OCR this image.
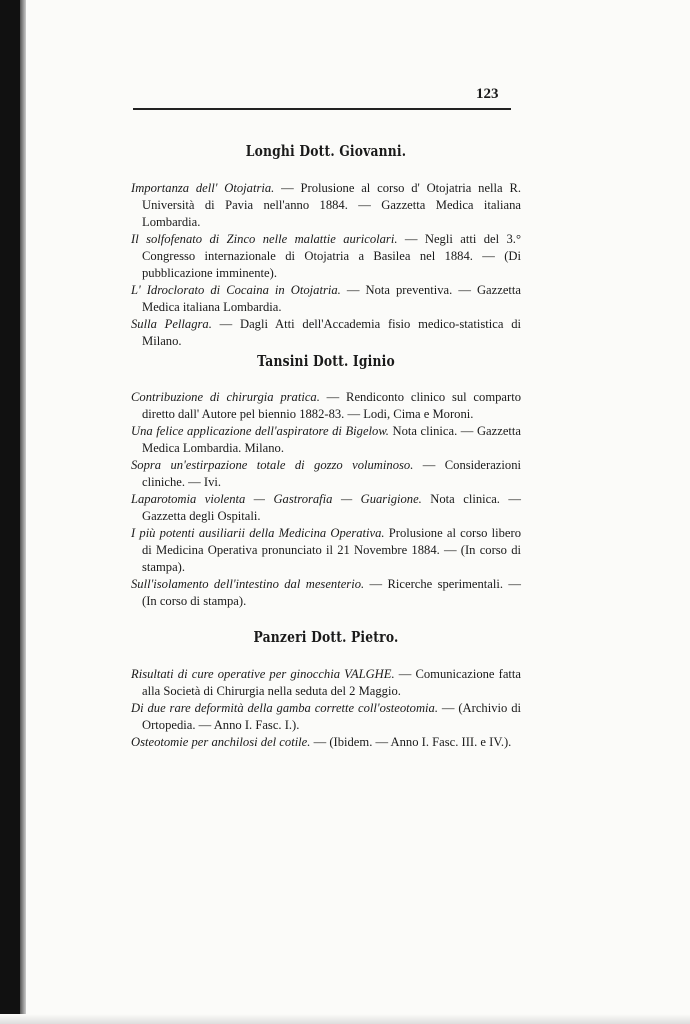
123
Longhi Dott. Giovanni.

Importanza dell' Otojatria. — Prolusione al corso d' Otojatria nella R. Università di Pavia nell'anno 1884. — Gazzetta Medica italiana Lombardia.

Il solfofenato di Zinco nelle malattie auricolari. — Negli atti del 3.° Congresso internazionale di Otojatria a Basilea nel 1884. — (Di pubblicazione imminente).

L' Idroclorato di Cocaina in Otojatria. — Nota preventiva. — Gazzetta Medica italiana Lombardia.

Sulla Pellagra. — Dagli Atti dell'Accademia fisio medico-statistica di Milano.

Tansini Dott. Iginio

Contribuzione di chirurgia pratica. — Rendiconto clinico sul comparto diretto dall' Autore pel biennio 1882-83. — Lodi, Cima e Moroni.

Una felice applicazione dell'aspiratore di Bigelow. Nota clinica. — Gazzetta Medica Lombardia. Milano.

Sopra un'estirpazione totale di gozzo voluminoso. — Considerazioni cliniche. — Ivi.

Laparotomia violenta — Gastrorafia — Guarigione. Nota clinica. — Gazzetta degli Ospitali.

I più potenti ausiliarii della Medicina Operativa. Prolusione al corso libero di Medicina Operativa pronunciato il 21 Novembre 1884. — (In corso di stampa).

Sull'isolamento dell'intestino dal mesenterio. — Ricerche sperimentali. — (In corso di stampa).

Panzeri Dott. Pietro.

Risultati di cure operative per ginocchia VALGHE. — Comunicazione fatta alla Società di Chirurgia nella seduta del 2 Maggio.

Di due rare deformità della gamba corrette coll'osteotomia. — (Archivio di Ortopedia. — Anno I. Fasc. I.).

Osteotomie per anchilosi del cotile. — (Ibidem. — Anno I. Fasc. III. e IV.).
